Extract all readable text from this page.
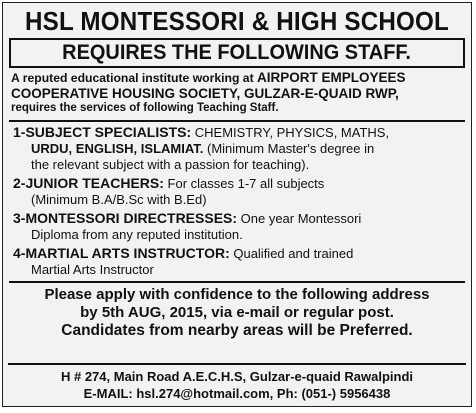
HSL MONTESSORI & HIGH SCHOOL
REQUIRES THE FOLLOWING STAFF.
A reputed educational institute working at AIRPORT EMPLOYEES
COOPERATIVE HOUSING SOCIETY, GULZAR-E-QUAID RWP,
requires the services of following Teaching Staff.
1-SUBJECT SPECIALISTS: CHEMISTRY, PHYSICS, MATHS,
URDU, ENGLISH, ISLAMIAT. (Minimum Master's degree in
the relevant subject with a passion for teaching).
2-JUNIOR TEACHERS: For classes 1-7 all subjects
(Minimum B.A/B.Sc with B.Ed)
3-MONTESSORI DIRECTRESSES: One year Montessori
Diploma from any reputed institution.
4-MARTIAL ARTS INSTRUCTOR: Qualified and trained
Martial Arts Instructor
Please apply with confidence to the following address
by 5th AUG, 2015, via e-mail or regular post.
Candidates from nearby areas will be Preferred.
H # 274, Main Road A.E.C.H.S, Gulzar-e-quaid Rawalpindi
E-MAIL: hsl.274@hotmail.com, Ph: (051-) 5956438
